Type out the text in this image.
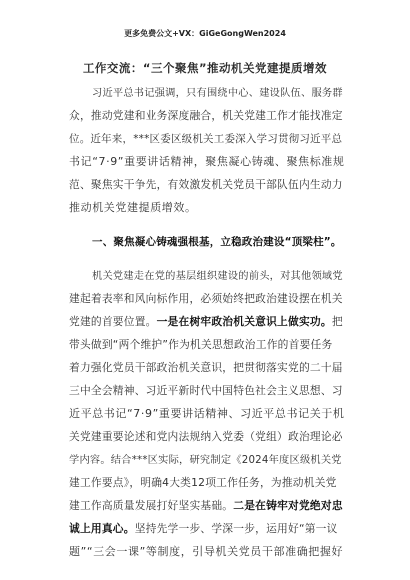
更多免费公文+VX：GiGeGongWen2024
工作交流：“三个聚焦”推动机关党建提质增效
习近平总书记强调，只有围绕中心、建设队伍、服务群
众，推动党建和业务深度融合，机关党建工作才能找准定
位。近年来，***区委区级机关工委深入学习贯彻习近平总
书记“7·9”重要讲话精神，聚焦凝心铸魂、聚焦标准规
范、聚焦实干争先，有效激发机关党员干部队伍内生动力
推动机关党建提质增效。
一、聚焦凝心铸魂强根基，立稳政治建设“顶梁柱”。
机关党建走在党的基层组织建设的前头，对其他领域党
建起着表率和风向标作用，必须始终把政治建设摆在机关
党建的首要位置。一是在树牢政治机关意识上做实功。把
带头做到“两个维护”作为机关思想政治工作的首要任务
着力强化党员干部政治机关意识，把贯彻落实党的二十届
三中全会精神、习近平新时代中国特色社会主义思想、习
近平总书记“7·9”重要讲话精神、习近平总书记关于机
关党建重要论述和党内法规纳入党委（党组）政治理论必
学内容。结合***区实际，研究制定《2024年度区级机关党
建工作要点》，明确4大类12项工作任务，为推动机关党
建工作高质量发展打好坚实基础。二是在铸牢对党绝对忠
诚上用真心。坚持先学一步、学深一步，运用好“第一议
题”“三会一课”等制度，引导机关党员干部准确把握好
